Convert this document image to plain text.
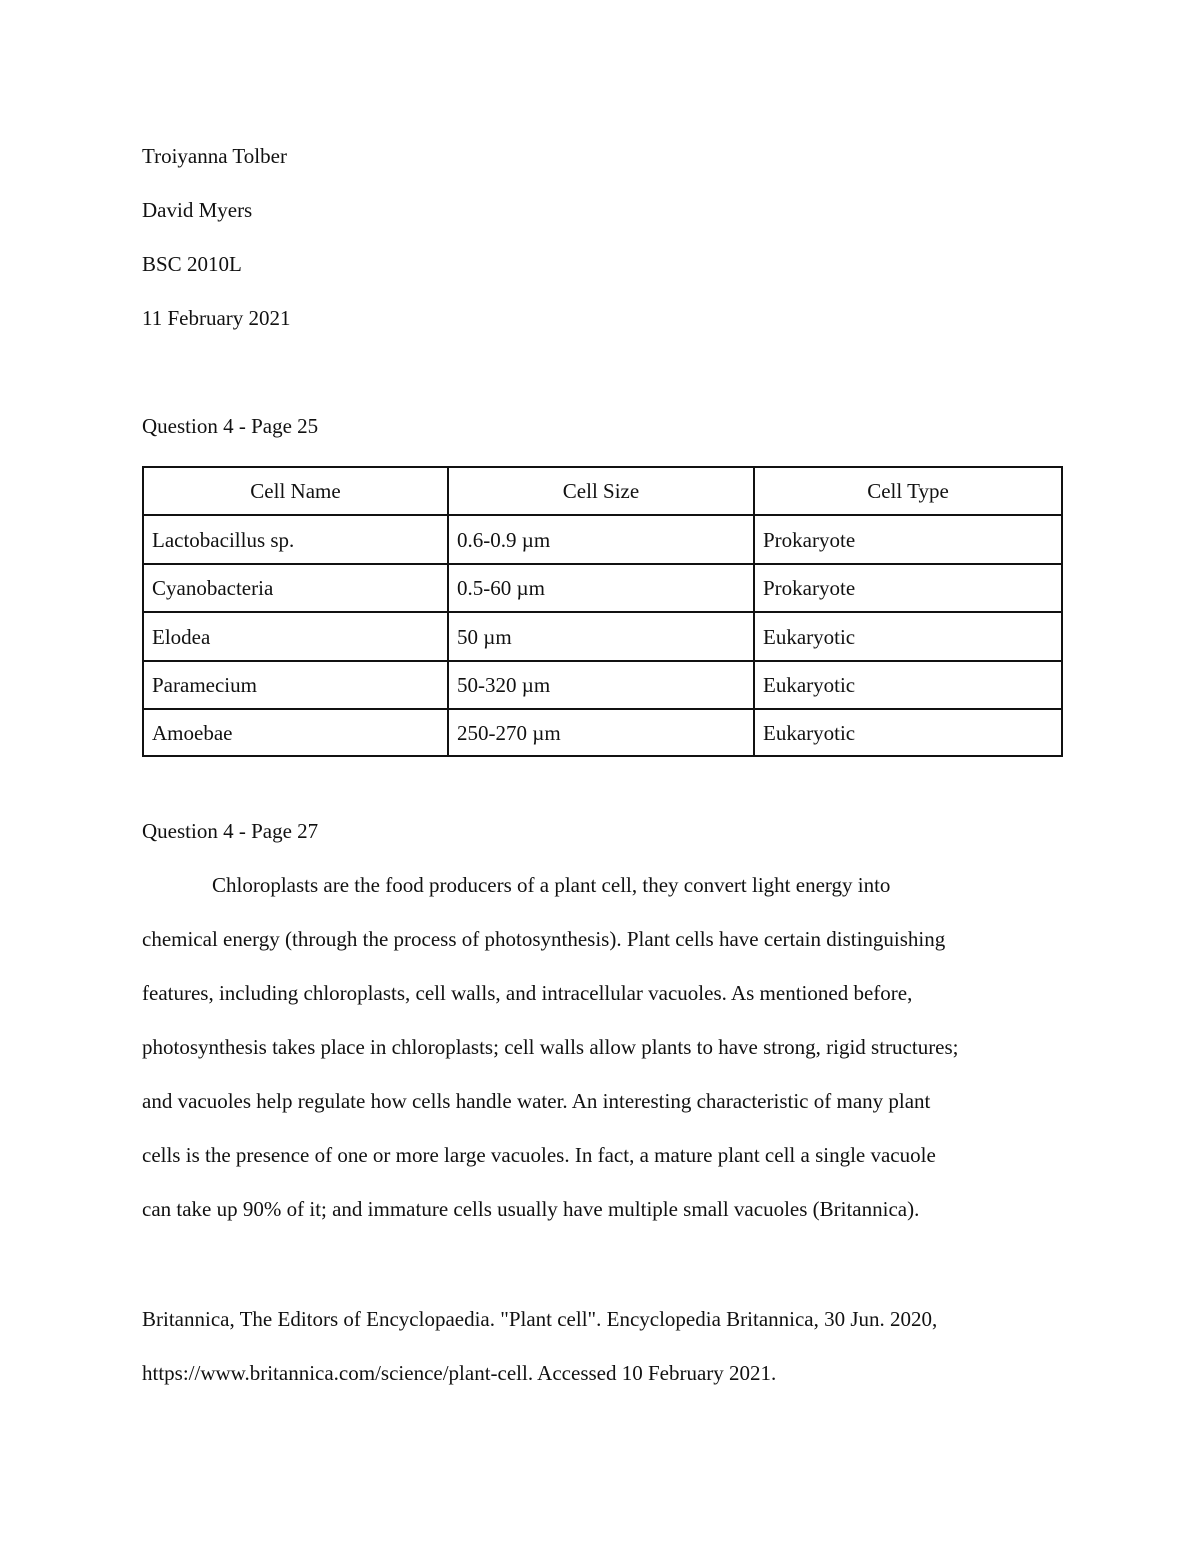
Troiyanna Tolber
David Myers
BSC 2010L
11 February 2021
Question 4 - Page 25
Cell Name	Cell Size	Cell Type
Lactobacillus sp.	0.6-0.9 µm	Prokaryote
Cyanobacteria	0.5-60 µm	Prokaryote
Elodea	50 µm	Eukaryotic
Paramecium	50-320 µm	Eukaryotic
Amoebae	250-270 µm	Eukaryotic
Question 4 - Page 27
Chloroplasts are the food producers of a plant cell, they convert light energy into
chemical energy (through the process of photosynthesis). Plant cells have certain distinguishing
features, including chloroplasts, cell walls, and intracellular vacuoles. As mentioned before,
photosynthesis takes place in chloroplasts; cell walls allow plants to have strong, rigid structures;
and vacuoles help regulate how cells handle water. An interesting characteristic of many plant
cells is the presence of one or more large vacuoles. In fact, a mature plant cell a single vacuole
can take up 90% of it; and immature cells usually have multiple small vacuoles (Britannica).
Britannica, The Editors of Encyclopaedia. "Plant cell". Encyclopedia Britannica, 30 Jun. 2020,
https://www.britannica.com/science/plant-cell. Accessed 10 February 2021.
